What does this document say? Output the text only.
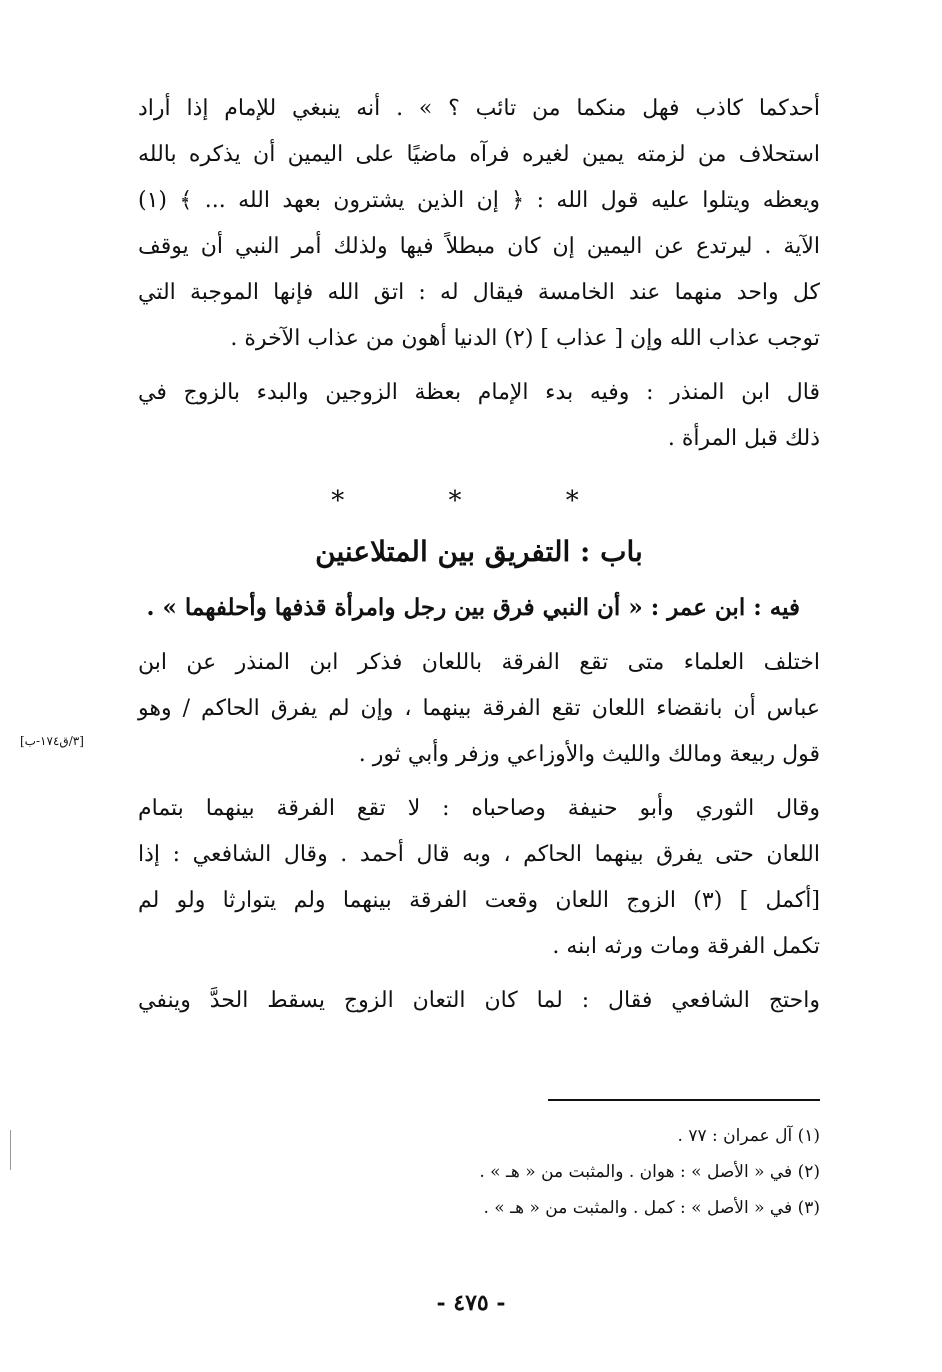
أحدكما كاذب فهل منكما من تائب ؟ » . أنه ينبغي للإمام إذا أراد
استحلاف من لزمته يمين لغيره فرآه ماضيًا على اليمين أن يذكره بالله
ويعظه ويتلوا عليه قول الله : ﴿ إن الذين يشترون بعهد الله ... ﴾ (١)
الآية . ليرتدع عن اليمين إن كان مبطلاً فيها ولذلك أمر النبي أن يوقف
كل واحد منهما عند الخامسة فيقال له : اتق الله فإنها الموجبة التي
توجب عذاب الله وإن [ عذاب ] (٢) الدنيا أهون من عذاب الآخرة .
قال ابن المنذر : وفيه بدء الإمام بعظة الزوجين والبدء بالزوج في
ذلك قبل المرأة .
* * *
باب : التفريق بين المتلاعنين
فيه : ابن عمر : « أن النبي فرق بين رجل وامرأة قذفها وأحلفهما » .
اختلف العلماء متى تقع الفرقة باللعان فذكر ابن المنذر عن ابن
عباس أن بانقضاء اللعان تقع الفرقة بينهما ، وإن لم يفرق الحاكم / وهو
قول ربيعة ومالك والليث والأوزاعي وزفر وأبي ثور .
وقال الثوري وأبو حنيفة وصاحباه : لا تقع الفرقة بينهما بتمام
اللعان حتى يفرق بينهما الحاكم ، وبه قال أحمد . وقال الشافعي : إذا
[أكمل ] (٣) الزوج اللعان وقعت الفرقة بينهما ولم يتوارثا ولو لم
تكمل الفرقة ومات ورثه ابنه .
واحتج الشافعي فقال : لما كان التعان الزوج يسقط الحدَّ وينفي
[٣/ق١٧٤-ب]
(١) آل عمران : ٧٧ .
(٢) في « الأصل » : هوان . والمثبت من « هـ » .
(٣) في « الأصل » : كمل . والمثبت من « هـ » .
- ٤٧٥ -
